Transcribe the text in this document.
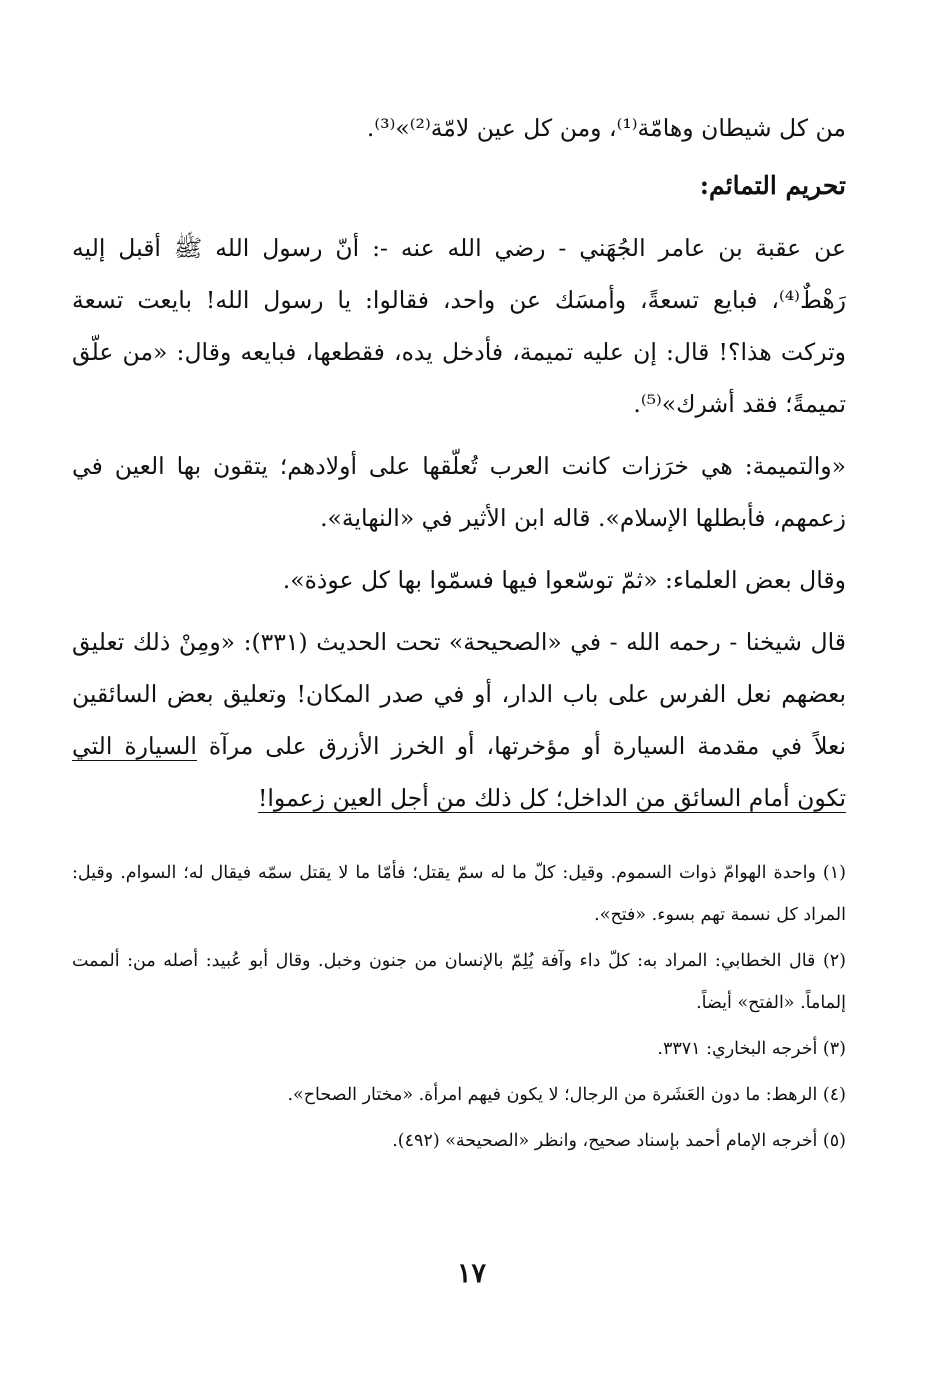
من كل شيطان وهامّة⁽¹⁾، ومن كل عين لامّة⁽²⁾»⁽³⁾.

تحريم التمائم:

عن عقبة بن عامر الجُهَني - رضي الله عنه -: أنّ رسول الله ﷺ أقبل إليه رَهْطٌ⁽⁴⁾، فبايع تسعةً، وأمسَك عن واحد، فقالوا: يا رسول الله! بايعت تسعة وتركت هذا؟! قال: إن عليه تميمة، فأدخل يده، فقطعها، فبايعه وقال: «من علّق تميمةً؛ فقد أشرك»⁽⁵⁾.

«والتميمة: هي خرَزات كانت العرب تُعلّقها على أولادهم؛ يتقون بها العين في زعمهم، فأبطلها الإسلام». قاله ابن الأثير في «النهاية».

وقال بعض العلماء: «ثمّ توسّعوا فيها فسمّوا بها كل عوذة».

قال شيخنا - رحمه الله - في «الصحيحة» تحت الحديث (٣٣١): «ومِنْ ذلك تعليق بعضهم نعل الفرس على باب الدار، أو في صدر المكان! وتعليق بعض السائقين نعلاً في مقدمة السيارة أو مؤخرتها، أو الخرز الأزرق على مرآة السيارة التي تكون أمام السائق من الداخل؛ كل ذلك من أجل العين زعموا!

(١) واحدة الهوامّ ذوات السموم. وقيل: كلّ ما له سمّ يقتل؛ فأمّا ما لا يقتل سمّه فيقال له؛ السوام. وقيل: المراد كل نسمة تهم بسوء. «فتح».

(٢) قال الخطابي: المراد به: كلّ داء وآفة يُلِمّ بالإنسان من جنون وخبل. وقال أبو عُبيد: أصله من: ألممت إلماماً. «الفتح» أيضاً.

(٣) أخرجه البخاري: ٣٣٧١.

(٤) الرهط: ما دون العَشَرة من الرجال؛ لا يكون فيهم امرأة. «مختار الصحاح».

(٥) أخرجه الإمام أحمد بإسناد صحيح، وانظر «الصحيحة» (٤٩٢).

١٧
